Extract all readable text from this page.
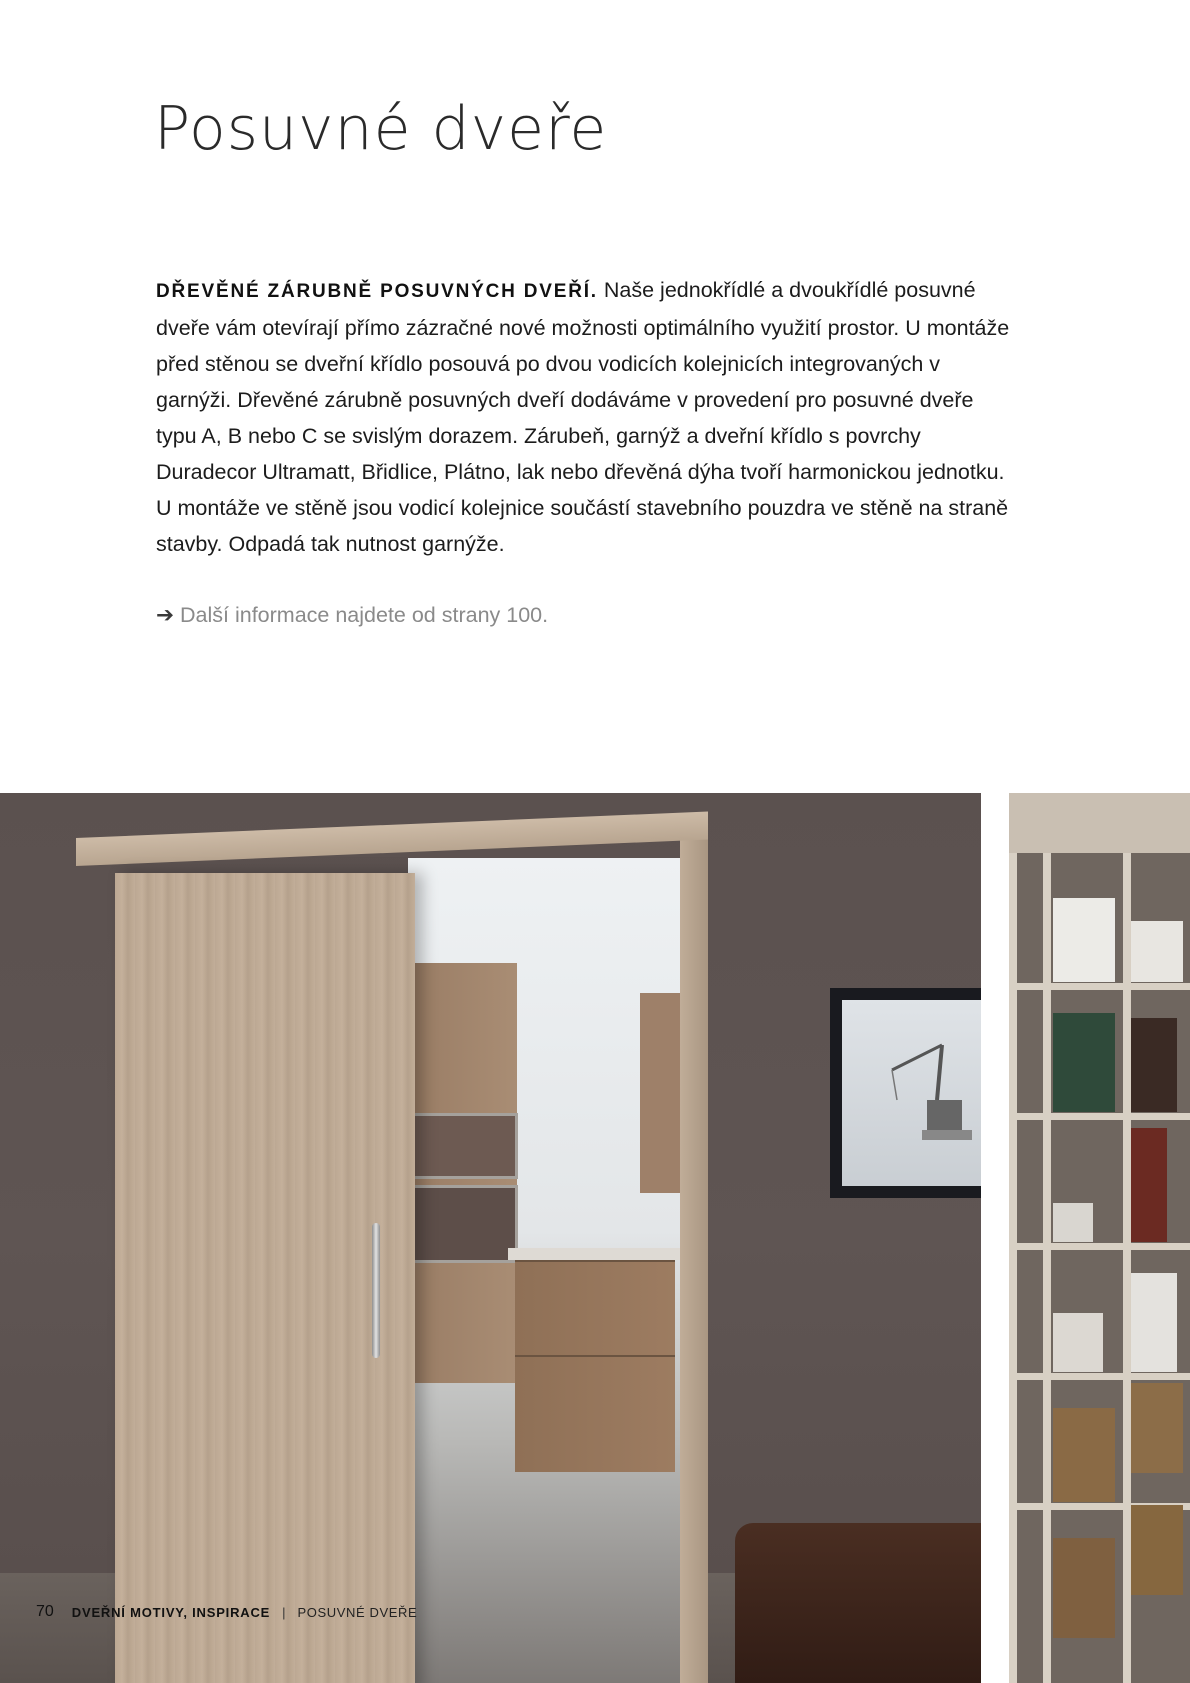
Posuvné dveře

DŘEVĚNÉ ZÁRUBNĚ POSUVNÝCH DVEŘÍ. Naše jednokřídlé a dvoukřídlé posuvné dveře vám otevírají přímo zázračné nové možnosti optimálního využití prostor. U montáže před stěnou se dveřní křídlo posouvá po dvou vodicích kolejnicích integrovaných v garnýži. Dřevěné zárubně posuvných dveří dodáváme v provedení pro posuvné dveře typu A, B nebo C se svislým dorazem. Zárubeň, garnýž a dveřní křídlo s povrchy Duradecor Ultramatt, Břidlice, Plátno, lak nebo dřevěná dýha tvoří harmonickou jednotku. U montáže ve stěně jsou vodicí kolejnice součástí stavebního pouzdra ve stěně na straně stavby. Odpadá tak nutnost garnýže.

➔ Další informace najdete od strany 100.

70 DVEŘNÍ MOTIVY, INSPIRACE | POSUVNÉ DVEŘE
